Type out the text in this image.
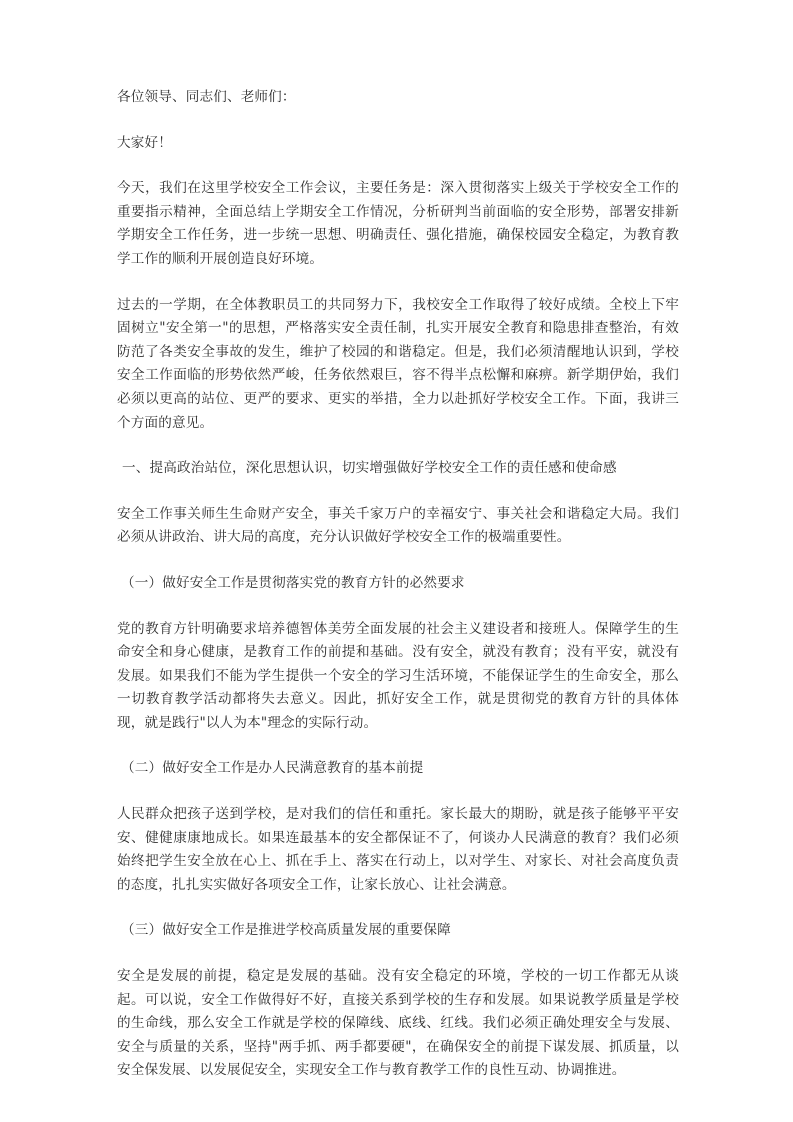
各位领导、同志们、老师们：

大家好！

今天，我们在这里学校安全工作会议，主要任务是：深入贯彻落实上级关于学校安全工作的重要指示精神，全面总结上学期安全工作情况，分析研判当前面临的安全形势，部署安排新学期安全工作任务，进一步统一思想、明确责任、强化措施，确保校园安全稳定，为教育教学工作的顺利开展创造良好环境。

过去的一学期，在全体教职员工的共同努力下，我校安全工作取得了较好成绩。全校上下牢固树立"安全第一"的思想，严格落实安全责任制，扎实开展安全教育和隐患排查整治，有效防范了各类安全事故的发生，维护了校园的和谐稳定。但是，我们必须清醒地认识到，学校安全工作面临的形势依然严峻，任务依然艰巨，容不得半点松懈和麻痹。新学期伊始，我们必须以更高的站位、更严的要求、更实的举措，全力以赴抓好学校安全工作。下面，我讲三个方面的意见。

一、提高政治站位，深化思想认识，切实增强做好学校安全工作的责任感和使命感

安全工作事关师生生命财产安全，事关千家万户的幸福安宁、事关社会和谐稳定大局。我们必须从讲政治、讲大局的高度，充分认识做好学校安全工作的极端重要性。

（一）做好安全工作是贯彻落实党的教育方针的必然要求

党的教育方针明确要求培养德智体美劳全面发展的社会主义建设者和接班人。保障学生的生命安全和身心健康，是教育工作的前提和基础。没有安全，就没有教育；没有平安，就没有发展。如果我们不能为学生提供一个安全的学习生活环境，不能保证学生的生命安全，那么一切教育教学活动都将失去意义。因此，抓好安全工作，就是贯彻党的教育方针的具体体现，就是践行"以人为本"理念的实际行动。

（二）做好安全工作是办人民满意教育的基本前提

人民群众把孩子送到学校，是对我们的信任和重托。家长最大的期盼，就是孩子能够平平安安、健健康康地成长。如果连最基本的安全都保证不了，何谈办人民满意的教育？我们必须始终把学生安全放在心上、抓在手上、落实在行动上，以对学生、对家长、对社会高度负责的态度，扎扎实实做好各项安全工作，让家长放心、让社会满意。

（三）做好安全工作是推进学校高质量发展的重要保障

安全是发展的前提，稳定是发展的基础。没有安全稳定的环境，学校的一切工作都无从谈起。可以说，安全工作做得好不好，直接关系到学校的生存和发展。如果说教学质量是学校的生命线，那么安全工作就是学校的保障线、底线、红线。我们必须正确处理安全与发展、安全与质量的关系，坚持"两手抓、两手都要硬"，在确保安全的前提下谋发展、抓质量，以安全保发展、以发展促安全，实现安全工作与教育教学工作的良性互动、协调推进。
